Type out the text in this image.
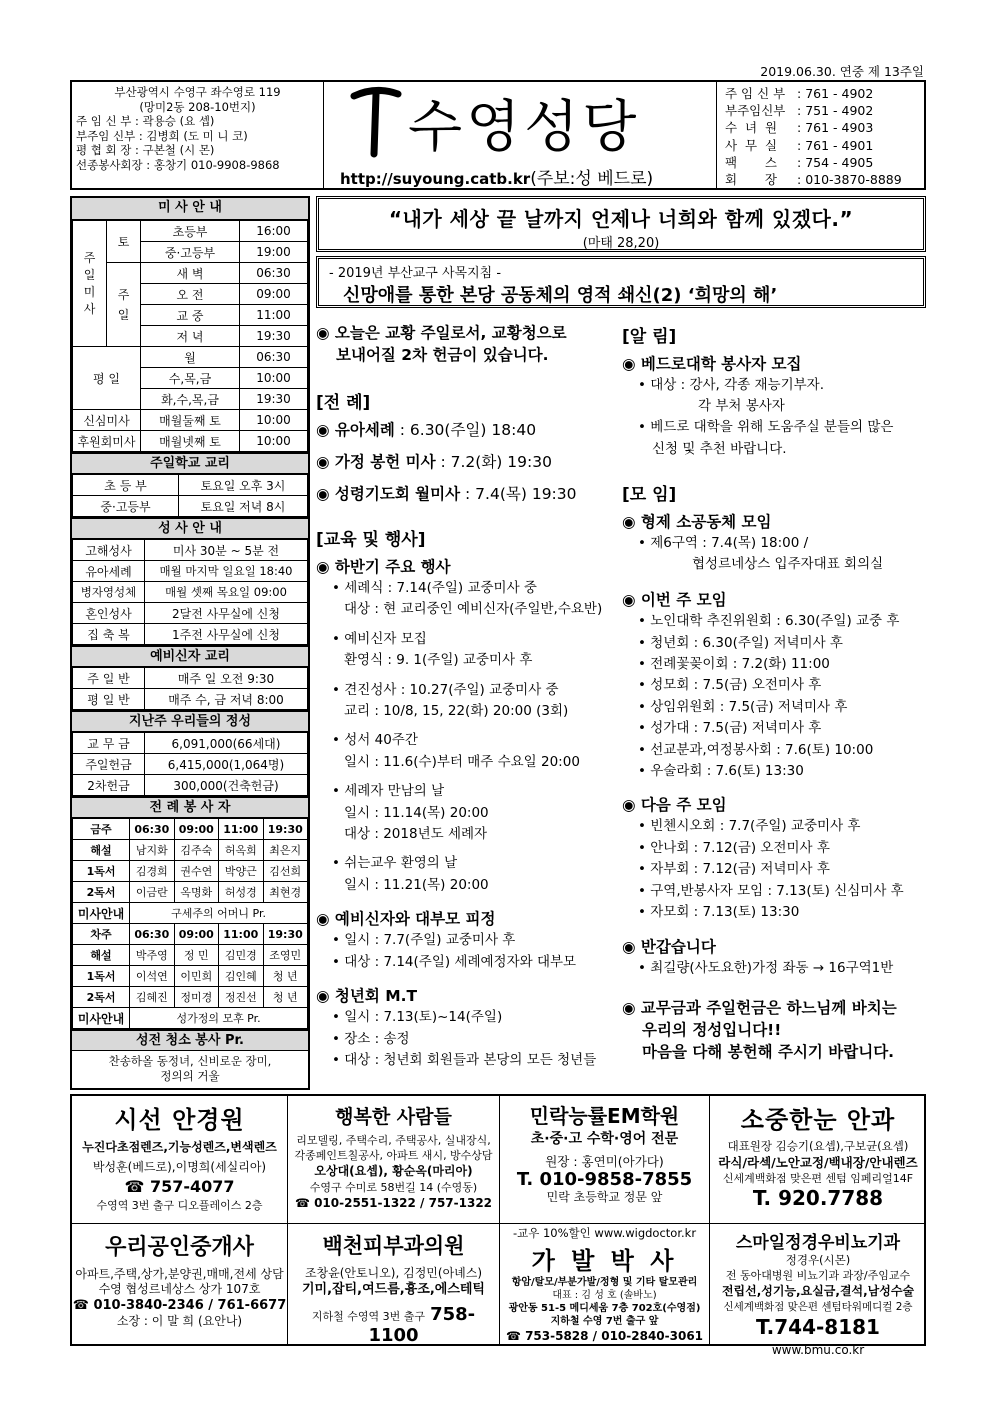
2019.06.30. 연중 제 13주일
부산광역시 수영구 좌수영로 119
(망미2동 208-10번지)
주 임 신 부 : 곽용승 (요 셉)
부주임 신부 : 김병희 (도 미 니 코)
평 협 회 장 : 구본철 (시 몬)
선종봉사회장 : 홍창기 010-9908-9868
수영성당
http://suyoung.catb.kr(주보:성 베드로)
주 임 신 부 : 761 - 4902
부주임신부 : 751 - 4902
수  녀  원	: 761 - 4903
사  무  실	: 761 - 4901
팩       스	: 754 - 4905
회       장	: 010-3870-8889
미 사 안 내
주일미사	토	초등부	16:00
		중·고등부	19:00
	주일	새 벽	06:30
		오 전	09:00
		교 중	11:00
		저 녁	19:30
평 일		월	06:30
		수,목,금	10:00
		화,수,목,금	19:30
신심미사		매월둘째 토	10:00
후원회미사		매월넷째 토	10:00
주일학교 교리
초 등 부	토요일 오후 3시
중·고등부	토요일 저녁 8시
성 사 안 내
고해성사	미사 30분 ~ 5분 전
유아세례	매월 마지막 일요일 18:40
병자영성체	매월 셋째 목요일 09:00
혼인성사	2달전 사무실에 신청
집 축 복	1주전 사무실에 신청
예비신자 교리
주 일 반	매주 일 오전 9:30
평 일 반	매주 수, 금 저녁 8:00
지난주 우리들의 정성
교 무 금	6,091,000(66세대)
주일헌금	6,415,000(1,064명)
2차헌금	300,000(건축헌금)
전 례 봉 사 자
금주	06:30	09:00	11:00	19:30
해설	남지화	김주숙	허옥희	최은지
1독서	김경희	권수연	박양근	김선희
2독서	이금란	옥명화	허성경	최현경
미사안내	구세주의 어머니 Pr.			
차주	06:30	09:00	11:00	19:30
해설	박주영	정 민	김민경	조영민
1독서	이석연	이민희	김인혜	청 년
2독서	김혜진	정미경	정진선	청 년
미사안내	성가정의 모후 Pr.			
성전 청소 봉사 Pr.
찬송하올 동정녀, 신비로운 장미,
정의의 거울
“내가 세상 끝 날까지 언제나 너희와 함께 있겠다.”
(마태 28,20)
- 2019년 부산교구 사목지침 -
신망애를 통한 본당 공동체의 영적 쇄신(2) ‘희망의 해’
◉ 오늘은 교황 주일로서, 교황청으로
보내어질 2차 헌금이 있습니다.
[전 례]
◉ 유아세례 : 6.30(주일) 18:40
◉ 가정 봉헌 미사 : 7.2(화) 19:30
◉ 성령기도회 월미사 : 7.4(목) 19:30
[교육 및 행사]
◉ 하반기 주요 행사
• 세례식 : 7.14(주일) 교중미사 중
대상 : 현 교리중인 예비신자(주일반,수요반)
• 예비신자 모집
환영식 : 9. 1(주일) 교중미사 후
• 견진성사 : 10.27(주일) 교중미사 중
교리 : 10/8, 15, 22(화) 20:00 (3회)
• 성서 40주간
일시 : 11.6(수)부터 매주 수요일 20:00
• 세례자 만남의 날
일시 : 11.14(목) 20:00
대상 : 2018년도 세례자
• 쉬는교우 환영의 날
일시 : 11.21(목) 20:00
◉ 예비신자와 대부모 피정
• 일시 : 7.7(주일) 교중미사 후
• 대상 : 7.14(주일) 세례예정자와 대부모
◉ 청년회 M.T
• 일시 : 7.13(토)~14(주일)
• 장소 : 송정
• 대상 : 청년회 회원들과 본당의 모든 청년들
[알 림]
◉ 베드로대학 봉사자 모집
• 대상 : 강사, 각종 재능기부자.
각 부처 봉사자
• 베드로 대학을 위해 도움주실 분들의 많은
신청 및 추천 바랍니다.
[모 임]
◉ 형제 소공동체 모임
• 제6구역 : 7.4(목) 18:00 /
협성르네상스 입주자대표 회의실
◉ 이번 주 모임
• 노인대학 추진위원회 : 6.30(주일) 교중 후
• 청년회 : 6.30(주일) 저녁미사 후
• 전례꽃꽂이회 : 7.2(화) 11:00
• 성모회 : 7.5(금) 오전미사 후
• 상임위원회 : 7.5(금) 저녁미사 후
• 성가대 : 7.5(금) 저녁미사 후
• 선교분과,여정봉사회 : 7.6(토) 10:00
• 우술라회 : 7.6(토) 13:30
◉ 다음 주 모임
• 빈첸시오회 : 7.7(주일) 교중미사 후
• 안나회 : 7.12(금) 오전미사 후
• 자부회 : 7.12(금) 저녁미사 후
• 구역,반봉사자 모임 : 7.13(토) 신심미사 후
• 자모회 : 7.13(토) 13:30
◉ 반갑습니다
• 최길량(사도요한)가정 좌동 → 16구역1반
◉ 교무금과 주일헌금은 하느님께 바치는
우리의 정성입니다!!
마음을 다해 봉헌해 주시기 바랍니다.
시선 안경원
누진다초점렌즈,기능성렌즈,변색렌즈
박성훈(베드로),이명희(세실리아)
☎ 757-4077
수영역 3번 출구 디오플레이스 2층
행복한 사람들
리모델링, 주택수리, 주택공사, 실내장식,
각종페인트칠공사, 아파트 새시, 방수상담
오상대(요셉), 황순옥(마리아)
수영구 수미로 58번길 14 (수영동)
☎ 010-2551-1322 / 757-1322
민락능률EM학원
초·중·고 수학·영어 전문
원장 : 홍연미(아가다)
T. 010-9858-7855
민락 초등학교 정문 앞
소중한눈 안과
대표원장 김승기(요셉),구보균(요셉)
라식/라섹/노안교정/백내장/안내렌즈
신세계백화점 맞은편 센텀 임페리얼14F
T. 920.7788
우리공인중개사
아파트,주택,상가,분양권,매매,전세 상담
수영 협성르네상스 상가 107호
☎ 010-3840-2346 / 761-6677
소장 : 이 말 희 (요안나)
백천피부과의원
조창윤(안토니오), 김정민(아녜스)
기미,잡티,여드름,흉조,에스테틱
지하철 수영역 3번 출구 758-1100
-교우 10%할인 www.wigdoctor.kr
가 발 박 사
항암/탈모/부분가발/정형 및 기타 탈모관리
대표 : 김 성 호 (솔바노)
광안동 51-5 메디세움 7층 702호(수영점)
지하철 수영 7번 출구 앞
☎ 753-5828 / 010-2840-3061
스마일정경우비뇨기과
정경우(시몬)
전 동아대병원 비뇨기과 과장/주임교수
전립선,성기능,요실금,결석,남성수술
신세계백화점 맞은편 센텀타워메디컬 2층
T.744-8181 www.bmu.co.kr
